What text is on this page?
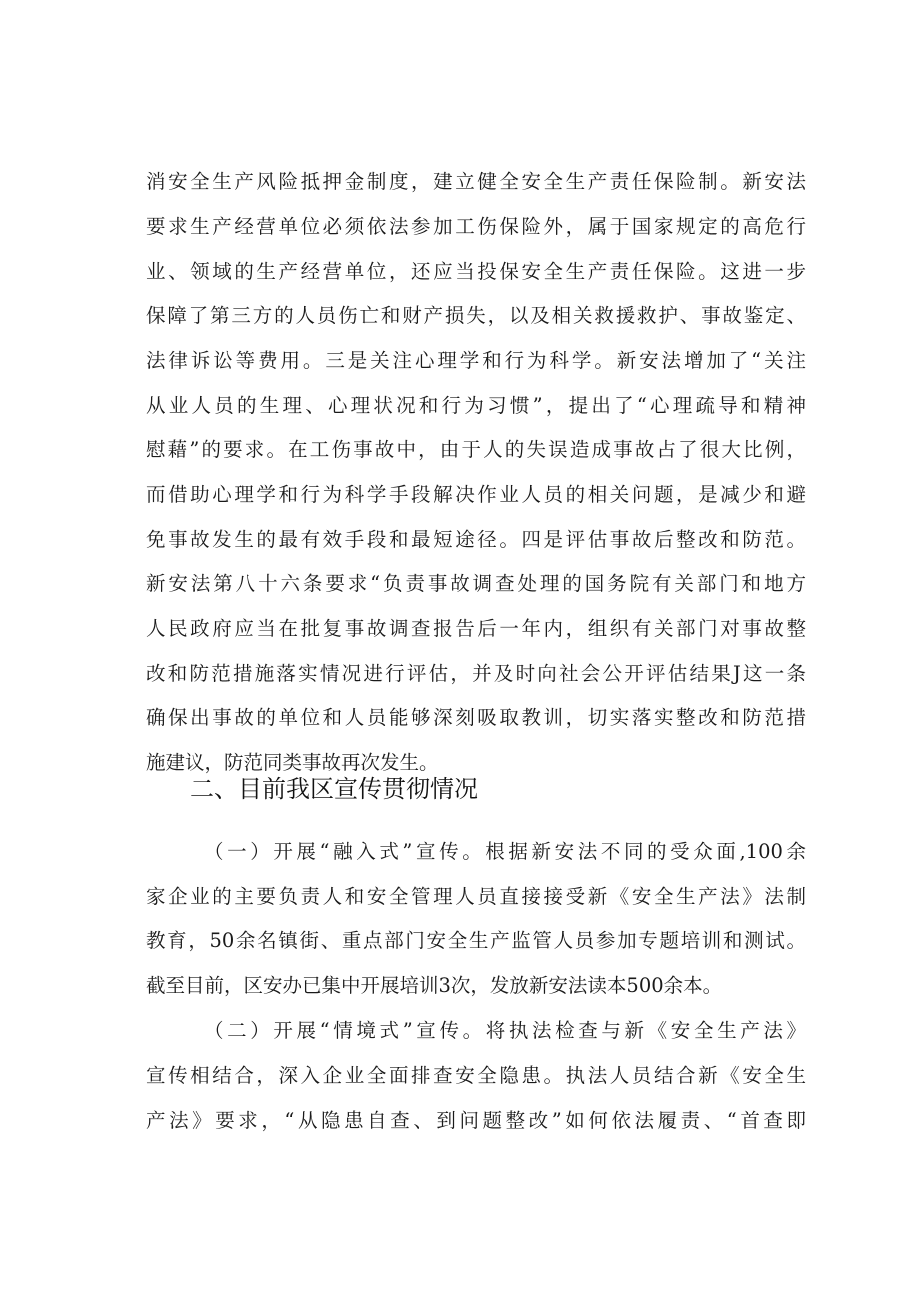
消安全生产风险抵押金制度，建立健全安全生产责任保险制。新安法
要求生产经营单位必须依法参加工伤保险外，属于国家规定的高危行
业、领域的生产经营单位，还应当投保安全生产责任保险。这进一步
保障了第三方的人员伤亡和财产损失，以及相关救援救护、事故鉴定、
法律诉讼等费用。三是关注心理学和行为科学。新安法增加了“关注
从业人员的生理、心理状况和行为习惯”，提出了“心理疏导和精神
慰藉”的要求。在工伤事故中，由于人的失误造成事故占了很大比例，
而借助心理学和行为科学手段解决作业人员的相关问题，是减少和避
免事故发生的最有效手段和最短途径。四是评估事故后整改和防范。
新安法第八十六条要求“负责事故调查处理的国务院有关部门和地方
人民政府应当在批复事故调查报告后一年内，组织有关部门对事故整
改和防范措施落实情况进行评估，并及时向社会公开评估结果J这一条
确保出事故的单位和人员能够深刻吸取教训，切实落实整改和防范措
施建议，防范同类事故再次发生。
二、目前我区宣传贯彻情况
（一）开展“融入式”宣传。根据新安法不同的受众面,100余
家企业的主要负责人和安全管理人员直接接受新《安全生产法》法制
教育，50余名镇街、重点部门安全生产监管人员参加专题培训和测试。
截至目前，区安办已集中开展培训3次，发放新安法读本500余本。
（二）开展“情境式”宣传。将执法检查与新《安全生产法》
宣传相结合，深入企业全面排查安全隐患。执法人员结合新《安全生
产法》要求，“从隐患自查、到问题整改”如何依法履责、“首查即
